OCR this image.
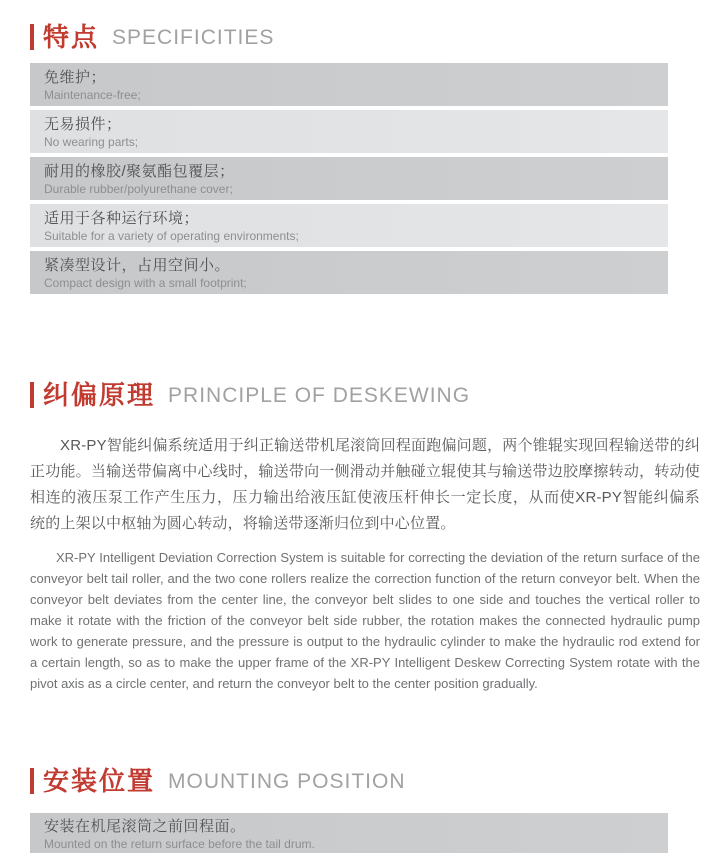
特点 SPECIFICITIES
免维护；
Maintenance-free;
无易损件；
No wearing parts;
耐用的橡胶/聚氨酯包覆层；
Durable rubber/polyurethane cover;
适用于各种运行环境；
Suitable for a variety of operating environments;
紧凑型设计，占用空间小。
Compact design with a small footprint;
纠偏原理 PRINCIPLE OF DESKEWING

XR-PY智能纠偏系统适用于纠正输送带机尾滚筒回程面跑偏问题，两个锥辊实现回程输送带的纠正功能。当输送带偏离中心线时，输送带向一侧滑动并触碰立辊使其与输送带边胶摩擦转动，转动使相连的液压泵工作产生压力，压力输出给液压缸使液压杆伸长一定长度，从而使XR-PY智能纠偏系统的上架以中枢轴为圆心转动，将输送带逐渐归位到中心位置。

XR-PY Intelligent Deviation Correction System is suitable for correcting the deviation of the return surface of the conveyor belt tail roller, and the two cone rollers realize the correction function of the return conveyor belt. When the conveyor belt deviates from the center line, the conveyor belt slides to one side and touches the vertical roller to make it rotate with the friction of the conveyor belt side rubber, the rotation makes the connected hydraulic pump work to generate pressure, and the pressure is output to the hydraulic cylinder to make the hydraulic rod extend for a certain length, so as to make the upper frame of the XR-PY Intelligent Deskew Correcting System rotate with the pivot axis as a circle center, and return the conveyor belt to the center position gradually.

安装位置 MOUNTING POSITION
安装在机尾滚筒之前回程面。
Mounted on the return surface before the tail drum.
